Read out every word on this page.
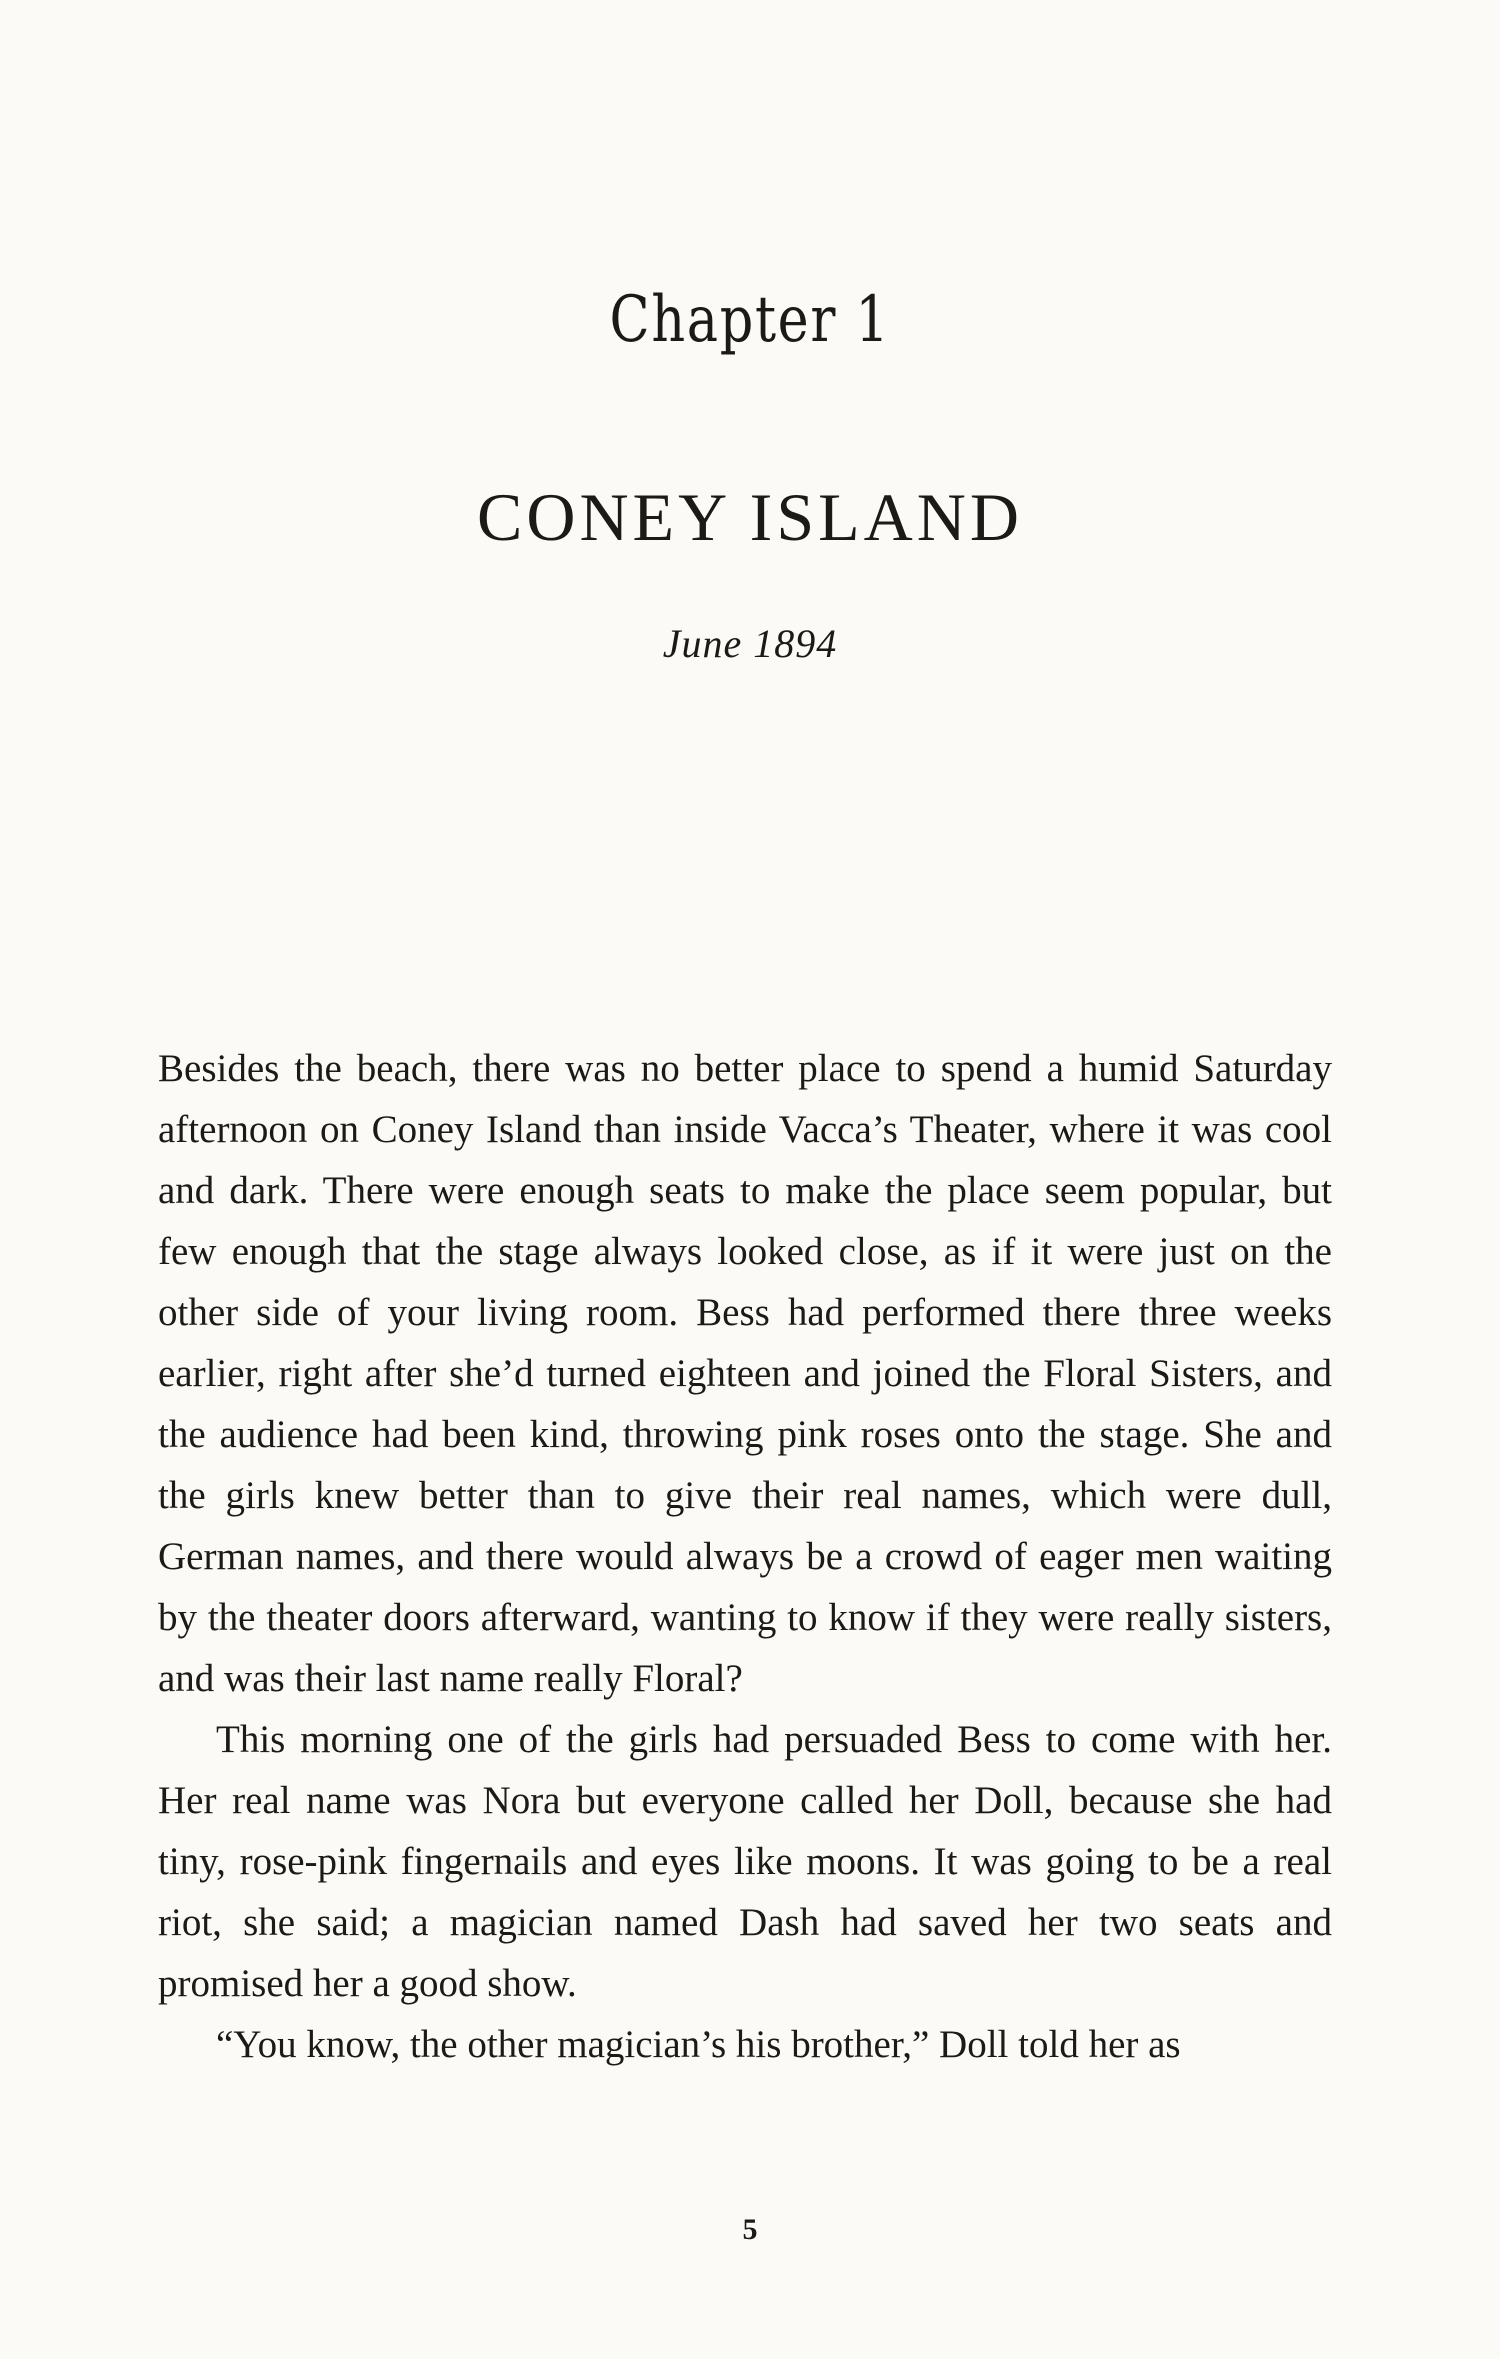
Chapter 1
CONEY ISLAND
June 1894

Besides the beach, there was no better place to spend a humid Saturday afternoon on Coney Island than inside Vacca’s Theater, where it was cool and dark. There were enough seats to make the place seem popular, but few enough that the stage always looked close, as if it were just on the other side of your living room. Bess had performed there three weeks earlier, right after she’d turned eighteen and joined the Floral Sisters, and the audience had been kind, throwing pink roses onto the stage. She and the girls knew better than to give their real names, which were dull, German names, and there would always be a crowd of eager men waiting by the theater doors afterward, wanting to know if they were really sisters, and was their last name really Floral?

This morning one of the girls had persuaded Bess to come with her. Her real name was Nora but everyone called her Doll, because she had tiny, rose-pink fingernails and eyes like moons. It was going to be a real riot, she said; a magician named Dash had saved her two seats and promised her a good show.

“You know, the other magician’s his brother,” Doll told her as

5
